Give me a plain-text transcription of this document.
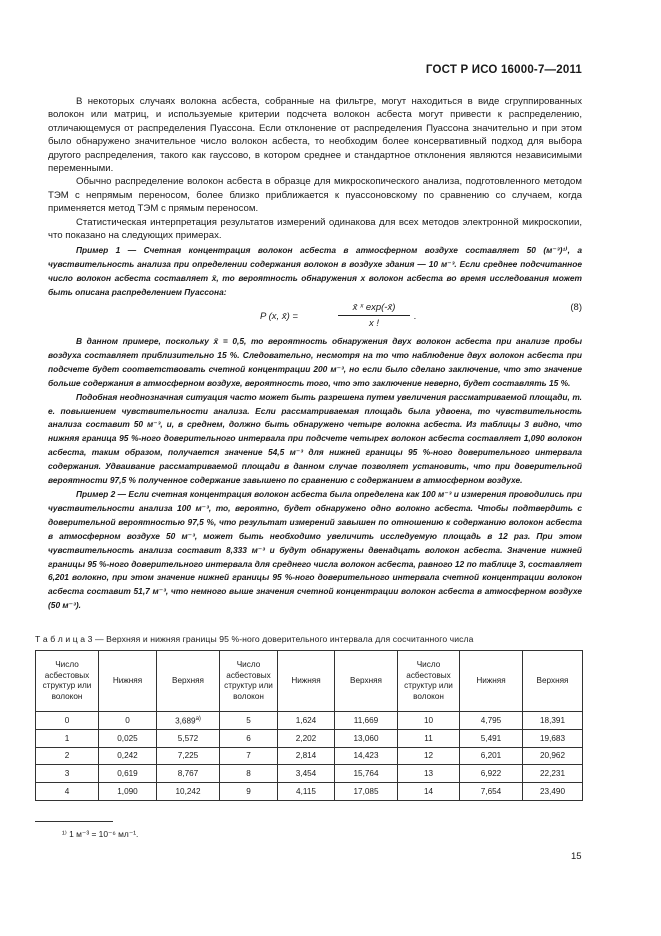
ГОСТ Р ИСО 16000-7—2011

В некоторых случаях волокна асбеста, собранные на фильтре, могут находиться в виде сгруппированных волокон или матриц, и используемые критерии подсчета волокон асбеста могут привести к распределению, отличающемуся от распределения Пуассона. Если отклонение от распределения Пуассона значительно и при этом было обнаружено значительное число волокон асбеста, то необходим более консервативный подход для выбора другого распределения, такого как гауссово, в котором среднее и стандартное отклонения являются независимыми переменными.

Обычно распределение волокон асбеста в образце для микроскопического анализа, подготовленного методом ТЭМ с непрямым переносом, более близко приближается к пуассоновскому по сравнению со случаем, когда применяется метод ТЭМ с прямым переносом.

Статистическая интерпретация результатов измерений одинакова для всех методов электронной микроскопии, что показано на следующих примерах.

Пример 1 — Счетная концентрация волокон асбеста в атмосферном воздухе составляет 50 (м⁻³)¹⁾, а чувствительность анализа при определении содержания волокон в воздухе здания — 10 м⁻³. Если среднее подсчитанное число волокон асбеста составляет x̄, то вероятность обнаружения x волокон асбеста во время исследования может быть описана распределением Пуассона:

P (x, x̄) =	$\frac{\text{x̄ ˣ exp(-x̄)}}{x !}$ .
(8)

В данном примере, поскольку x̄ = 0,5, то вероятность обнаружения двух волокон асбеста при анализе пробы воздуха составляет приблизительно 15 %. Следовательно, несмотря на то что наблюдение двух волокон асбеста при подсчете будет соответствовать счетной концентрации 200 м⁻³, но если было сделано заключение, что это значение больше содержания в атмосферном воздухе, вероятность того, что это заключение неверно, будет составлять 15 %.

Подобная неоднозначная ситуация часто может быть разрешена путем увеличения рассматриваемой площади, т. е. повышением чувствительности анализа. Если рассматриваемая площадь была удвоена, то чувствительность анализа составит 50 м⁻³, и, в среднем, должно быть обнаружено четыре волокна асбеста. Из таблицы 3 видно, что нижняя граница 95 %-ного доверительного интервала при подсчете четырех волокон асбеста составляет 1,090 волокон асбеста, таким образом, получается значение 54,5 м⁻³ для нижней границы 95 %-ного доверительного интервала содержания. Удваивание рассматриваемой площади в данном случае позволяет установить, что при доверительной вероятности 97,5 % полученное содержание завышено по сравнению с содержанием в атмосферном воздухе.

Пример 2 — Если счетная концентрация волокон асбеста была определена как 100 м⁻³ и измерения проводились при чувствительности анализа 100 м⁻³, то, вероятно, будет обнаружено одно волокно асбеста. Чтобы подтвердить с доверительной вероятностью 97,5 %, что результат измерений завышен по отношению к содержанию волокон асбеста в атмосферном воздухе 50 м⁻³, может быть необходимо увеличить исследуемую площадь в 12 раз. При этом чувствительность анализа составит 8,333 м⁻³ и будут обнаружены двенадцать волокон асбеста. Значение нижней границы 95 %-ного доверительного интервала для среднего числа волокон асбеста, равного 12 по таблице 3, составляет 6,201 волокно, при этом значение нижней границы 95 %-ного доверительного интервала счетной концентрации волокон асбеста составит 51,7 м⁻³, что немного выше значения счетной концентрации волокон асбеста в атмосферном воздухе (50 м⁻³).

Т а б л и ц а 3 — Верхняя и нижняя границы 95 %-ного доверительного интервала для сосчитанного числа
Число асбестовых структур или волокон	Нижняя	Верхняя	Число асбестовых структур или волокон	Нижняя	Верхняя	Число асбестовых структур или волокон	Нижняя	Верхняя
0	0	3,689$^{a)}$	5	1,624	11,669	10	4,795	18,391
1	0,025	5,572	6	2,202	13,060	11	5,491	19,683
2	0,242	7,225	7	2,814	14,423	12	6,201	20,962
3	0,619	8,767	8	3,454	15,764	13	6,922	22,231
4	1,090	10,242	9	4,115	17,085	14	7,654	23,490
¹⁾ 1 м⁻³ = 10⁻⁶ мл⁻¹.
15
